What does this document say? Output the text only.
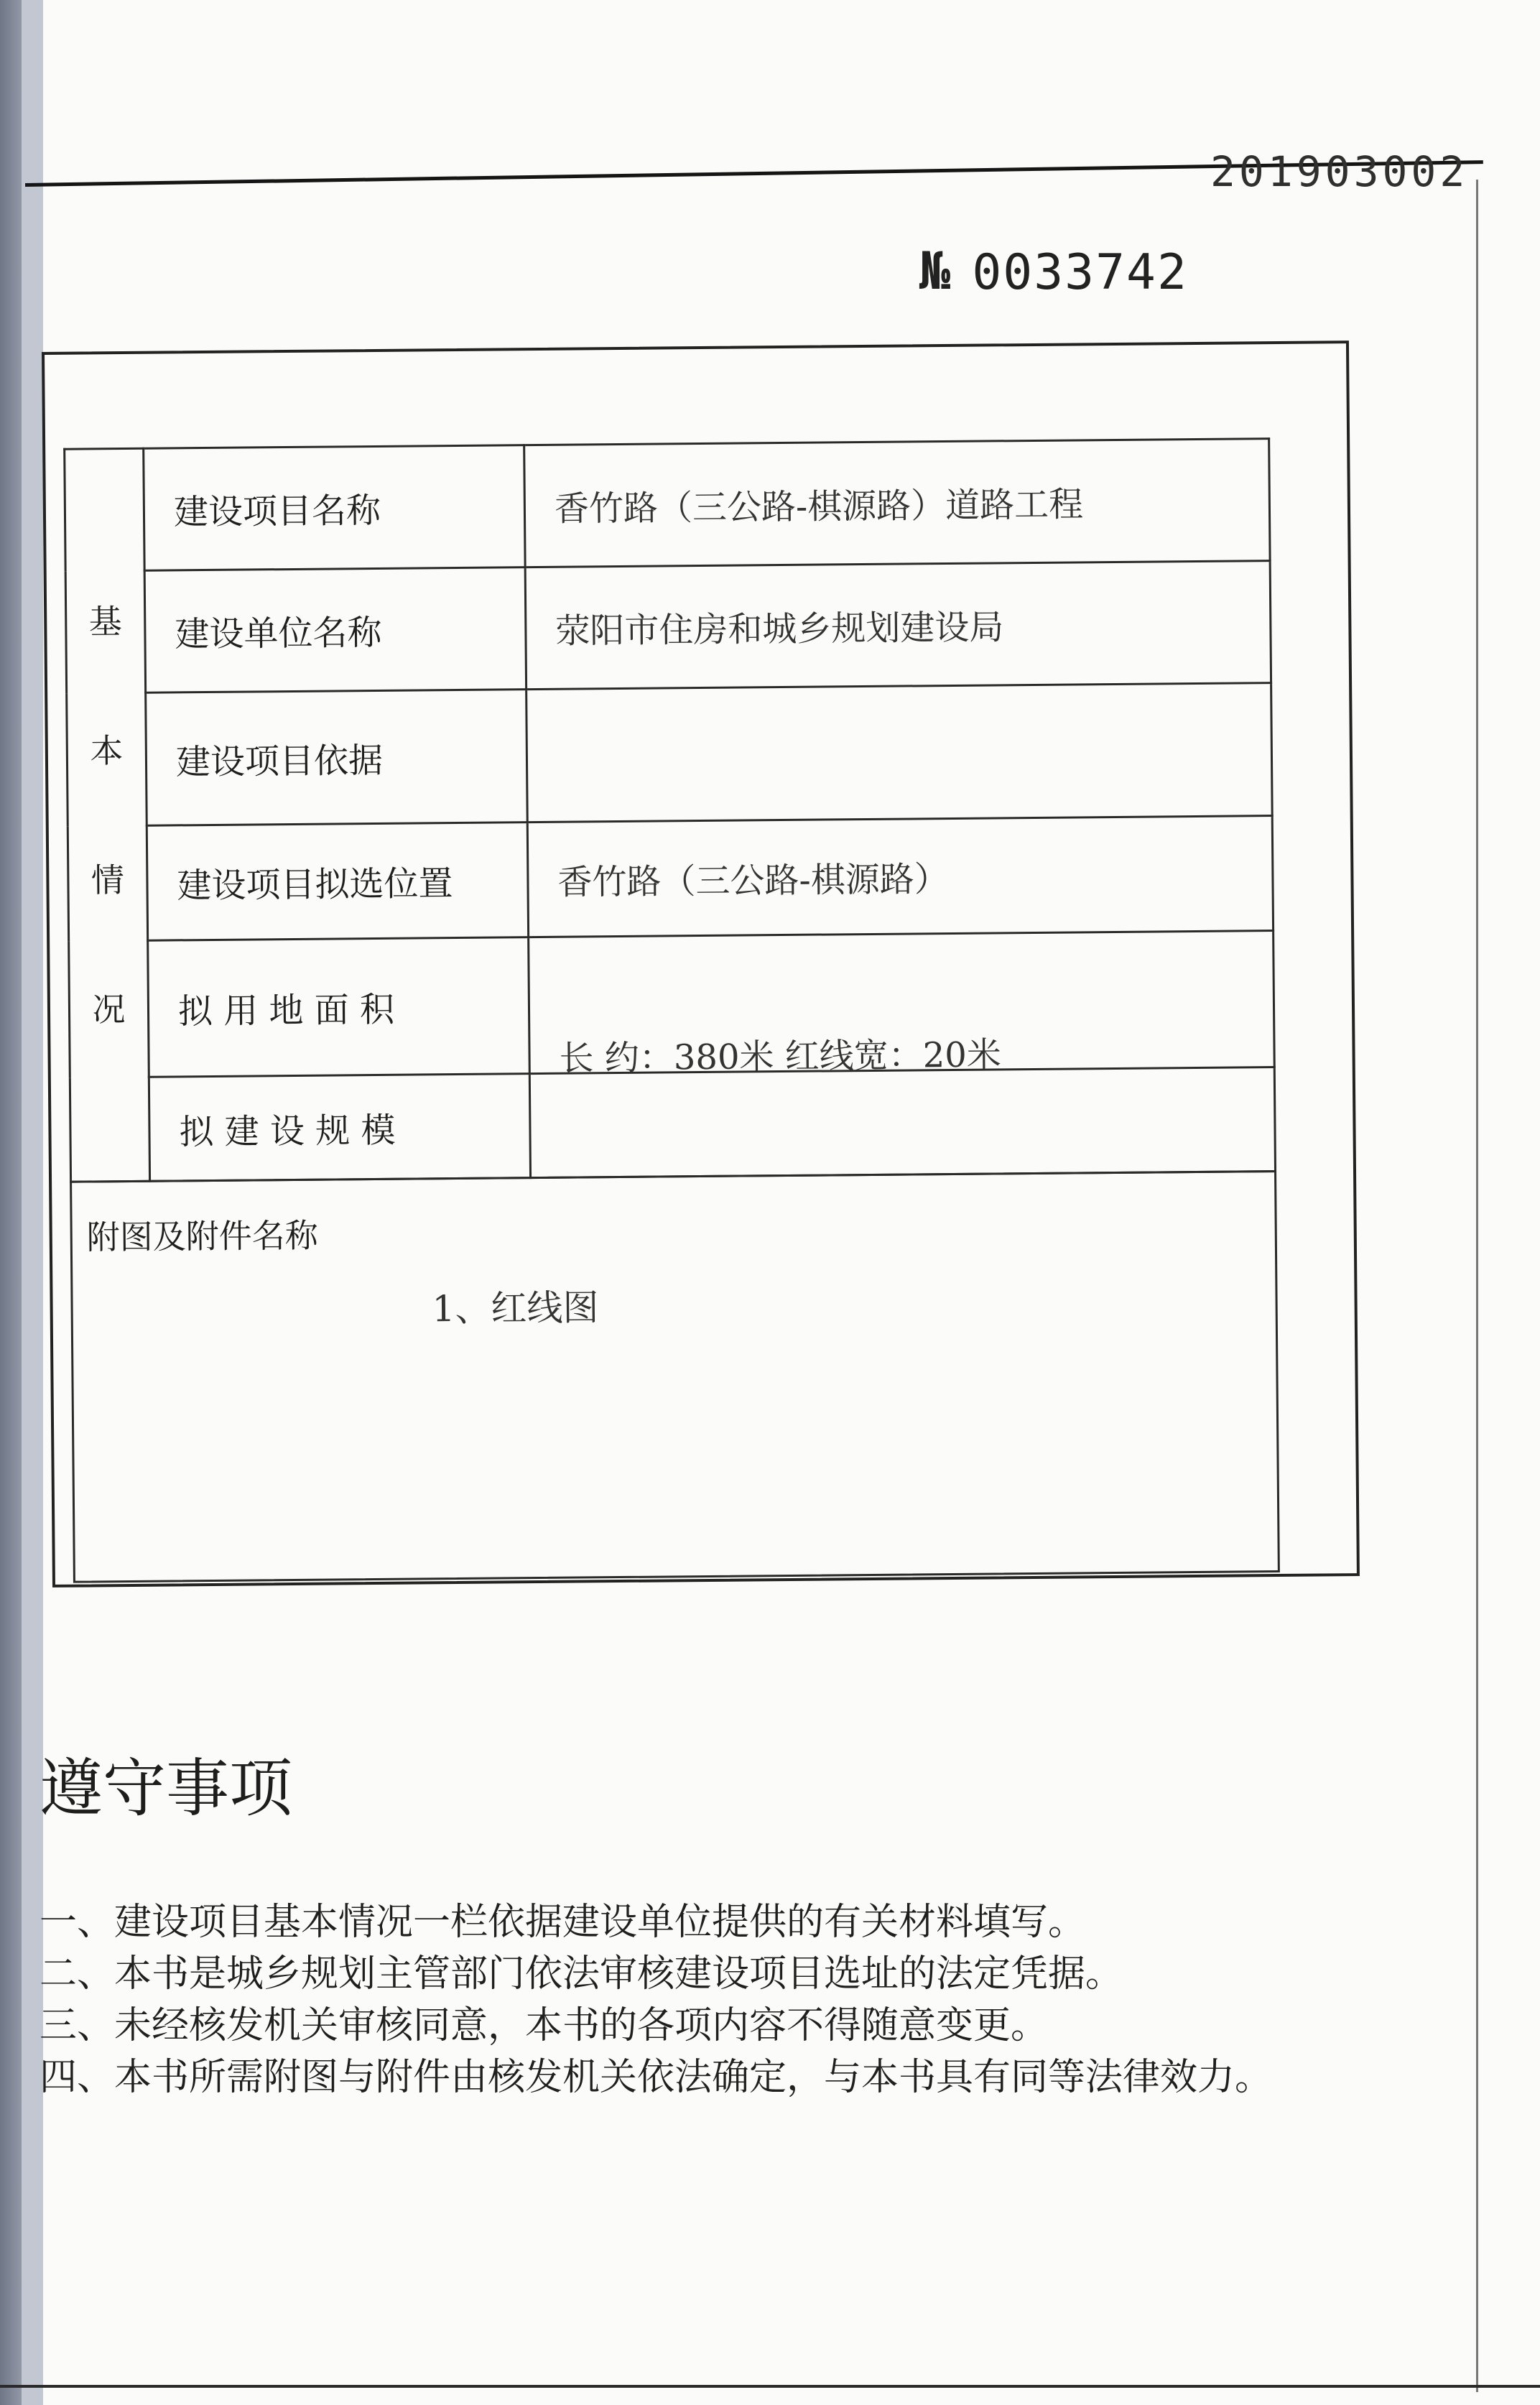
201903002
№ 0033742
基
本
情
况	建设项目名称	香竹路（三公路-棋源路）道路工程
	建设单位名称	荥阳市住房和城乡规划建设局
	建设项目依据	
	建设项目拟选位置	香竹路（三公路-棋源路）
	拟 用 地 面 积	长 约：380米 红线宽：20米
	拟 建 设 规 模	
附图及附件名称
1、红线图
遵守事项
一、建设项目基本情况一栏依据建设单位提供的有关材料填写。
二、本书是城乡规划主管部门依法审核建设项目选址的法定凭据。
三、未经核发机关审核同意，本书的各项内容不得随意变更。
四、本书所需附图与附件由核发机关依法确定，与本书具有同等法律效力。
